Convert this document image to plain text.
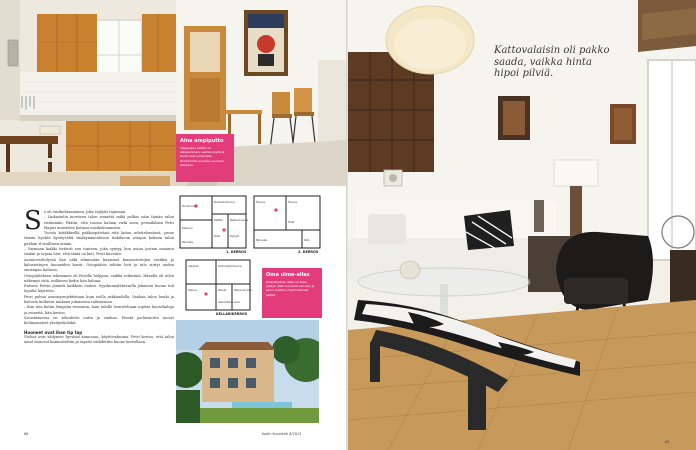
Aina ampiputto
Tippasisen keittiö on alkuperäinen, vaikka pöytä ja tuolit ovat uudempia. Ruokailutila avautuu suoraan eteiseen.
S e oli ensikohtaaminen, joka rajäytti tajunnan.

– Liukastelin inertisen talon rinnettä mikä pelkäs näin tämän talon ristiinnäin. Päätin, että tuossa haluan vielä asua, permihilaen Petri Majuri muistelee kotinsa ensikohtaamista.

Tuosta kiitäkkeellä pakkoopäivänä että laitaa selettelemässä, jonne tämän hyöhtä hyöityvältä viisikymmenluvun tinkiluvun ostajan kolmen talon päähän tl-sisällisen aitään.

– Varmaan kaikki tietävät sen tunteen, joka syntyy, kun astuu jostain omainta sisään ja tajuaa heti, että tämä on koti, Petri kuvailee.

Asuntoesittelyssä hän näki silmissään kirjaimet kunnostettujen siistiksi ja kalustettujen huoneiden kuvat. Ostopäätös tehtiin heti ja talo siirtyi uuden omistajan haltuun.

Ostopäätöksen tekeminen oli Petrille helppoa, vaikka rotkuintä. Hänellä oli selvä näkemys siitä, millaisen kodin hän haluaa.

Entisen Petrin jännitti kaikkein eniten. Syyskuunyläkerralla jokainen huone tuli lopulta käyttöön.

Petri puhuu asuntoprojektistaan kuin isolla rakkaudella. Vanhan talon henki ja historia kulkevat mukana jokaisessa ratkaisussa.

– Kun tein kotiin lempeän remontin, hain talolle luonteeltaan sopivia huonekaluja ja esineitä, hän kertoo.

Sisustuksessa on sekoitettu uutta ja vanhaa. Pientä jouluisuutta tuovat kodinomaiset yksityiskohdat.

Huoneet ovat ihan tip top

Vielsot ovat säilyneet hyvässä kunnossa, käyttövalmiina. Petri kertoo, että talon omat sisäovat kunnostettiin ja tapetit vaihdettiin huone kerrallaan.

Ruokailuhuone
Olohuone
Makuuhuone
Keittiö
Eteinen
Parveke
Halli	Kylpyh.
1. KERROS
Huone	Huone
Halli
Parveke	Kph
2. KERROS
Varasto	Kodinhoitohuone
Sauna	Pesuh. Tekninen tila
Askarteluhuone
KELLARIKERROS
Oma uima-allas
Kivipohjainen allas on talon ylpeys. Petri kunnosti sen itse ja sinne mahtuu myös kelluvat patjat.
68	Kodin Kuvalehti 8/2013
Kattovalaisin oli pakko saada, vaikka hinta hipoi pilviä.
69
